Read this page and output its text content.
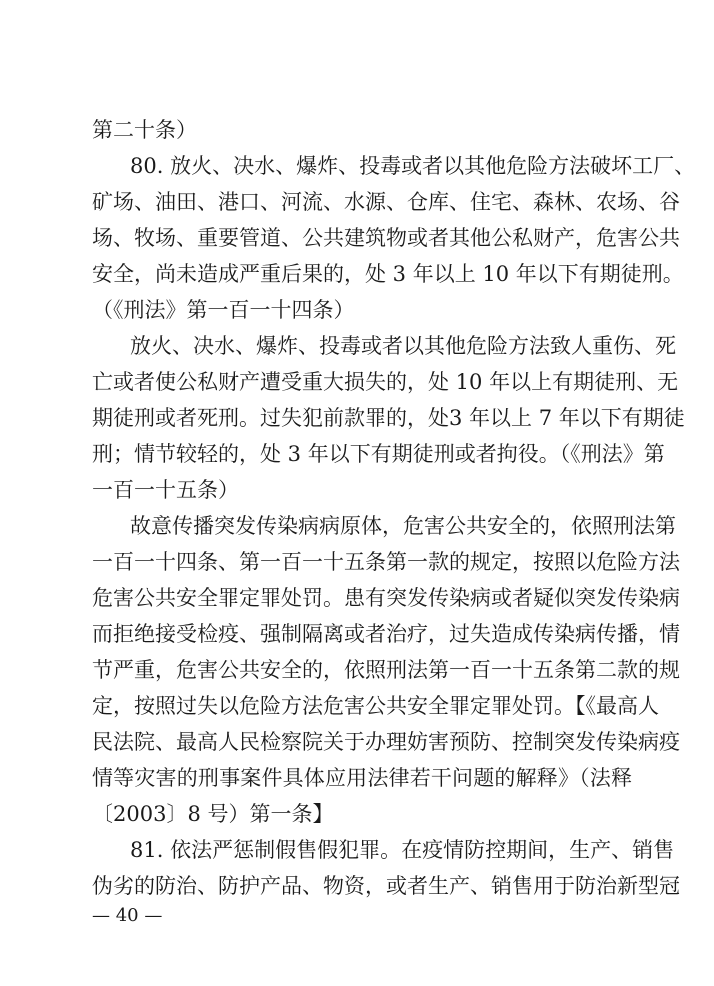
第二十条）
80. 放火、决水、爆炸、投毒或者以其他危险方法破坏工厂、
矿场、油田、港口、河流、水源、仓库、住宅、森林、农场、谷
场、牧场、重要管道、公共建筑物或者其他公私财产，危害公共
安全，尚未造成严重后果的，处 3 年以上 10 年以下有期徒刑。
（《刑法》第一百一十四条）
放火、决水、爆炸、投毒或者以其他危险方法致人重伤、死
亡或者使公私财产遭受重大损失的，处 10 年以上有期徒刑、无
期徒刑或者死刑。过失犯前款罪的，处3 年以上 7 年以下有期徒
刑；情节较轻的，处 3 年以下有期徒刑或者拘役。（《刑法》第
一百一十五条）
故意传播突发传染病病原体，危害公共安全的，依照刑法第
一百一十四条、第一百一十五条第一款的规定，按照以危险方法
危害公共安全罪定罪处罚。患有突发传染病或者疑似突发传染病
而拒绝接受检疫、强制隔离或者治疗，过失造成传染病传播，情
节严重，危害公共安全的，依照刑法第一百一十五条第二款的规
定，按照过失以危险方法危害公共安全罪定罪处罚。【《最高人
民法院、最高人民检察院关于办理妨害预防、控制突发传染病疫
情等灾害的刑事案件具体应用法律若干问题的解释》（法释
〔2003〕8 号）第一条】
81. 依法严惩制假售假犯罪。在疫情防控期间，生产、销售
伪劣的防治、防护产品、物资，或者生产、销售用于防治新型冠
— 40 —
